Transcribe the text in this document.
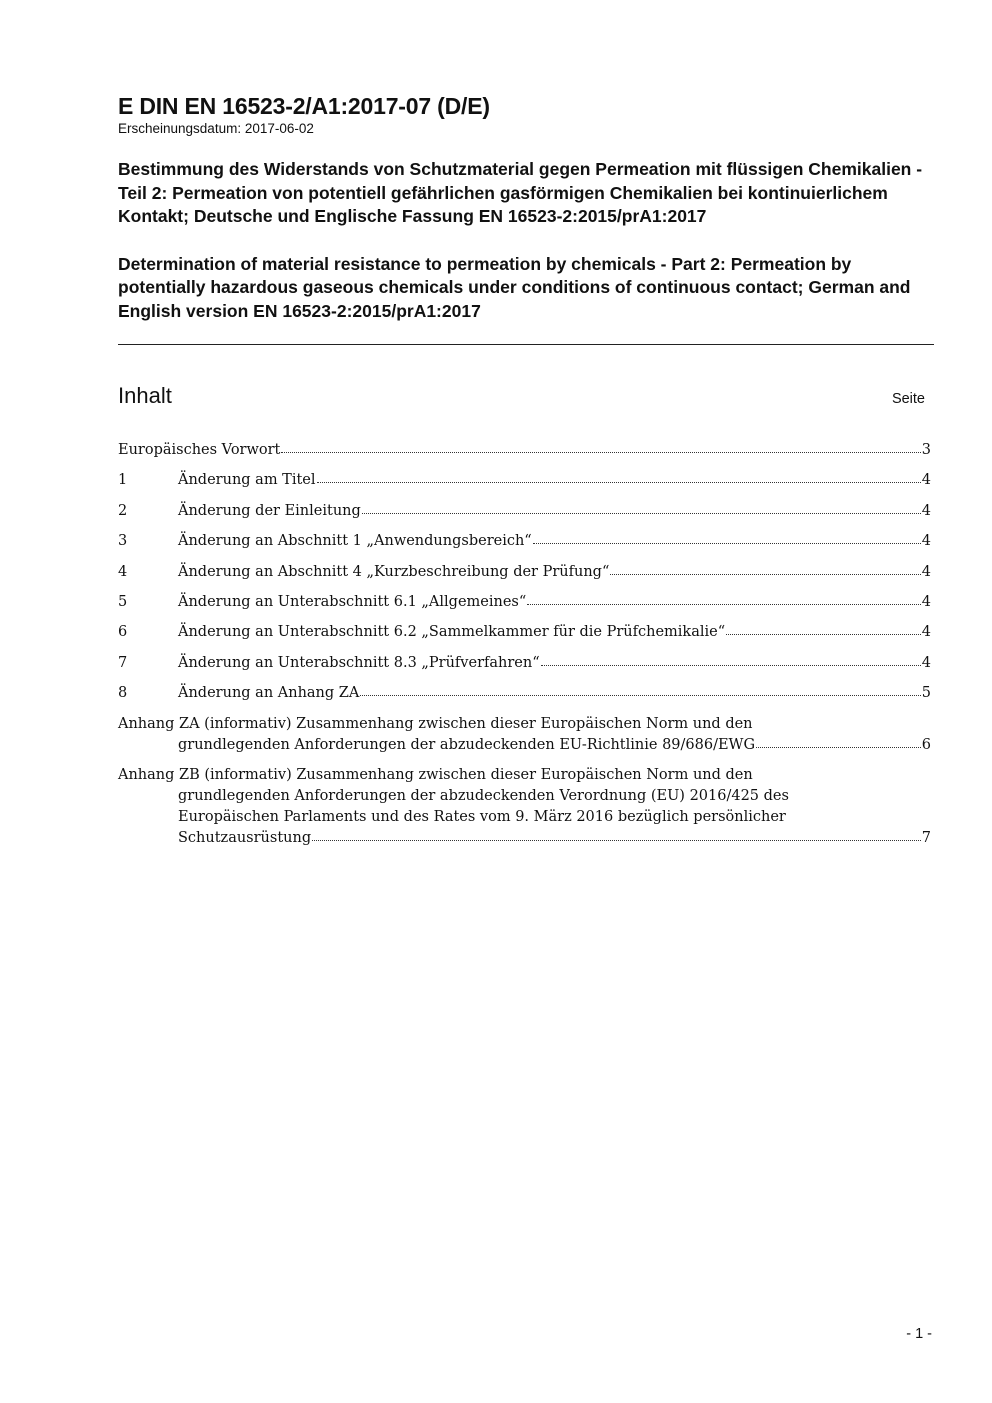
E DIN EN 16523-2/A1:2017-07 (D/E)

Erscheinungsdatum: 2017-06-02

Bestimmung des Widerstands von Schutzmaterial gegen Permeation mit flüssigen Chemikalien - Teil 2: Permeation von potentiell gefährlichen gasförmigen Chemikalien bei kontinuierlichem Kontakt; Deutsche und Englische Fassung EN 16523-2:2015/prA1:2017

Determination of material resistance to permeation by chemicals - Part 2: Permeation by potentially hazardous gaseous chemicals under conditions of continuous contact; German and English version EN 16523-2:2015/prA1:2017

Inhalt	Seite
Europäisches Vorwort	3
1	Änderung am Titel	4
2	Änderung der Einleitung	4
3	Änderung an Abschnitt 1 „Anwendungsbereich“	4
4	Änderung an Abschnitt 4 „Kurzbeschreibung der Prüfung“	4
5	Änderung an Unterabschnitt 6.1 „Allgemeines“	4
6	Änderung an Unterabschnitt 6.2 „Sammelkammer für die Prüfchemikalie“	4
7	Änderung an Unterabschnitt 8.3 „Prüfverfahren“	4
8	Änderung an Anhang ZA	5
Anhang ZA (informativ) Zusammenhang zwischen dieser Europäischen Norm und den
grundlegenden Anforderungen der abzudeckenden EU-Richtlinie 89/686/EWG	6
Anhang ZB (informativ) Zusammenhang zwischen dieser Europäischen Norm und den
grundlegenden Anforderungen der abzudeckenden Verordnung (EU) 2016/425 des
Europäischen Parlaments und des Rates vom 9. März 2016 bezüglich persönlicher
Schutzausrüstung	7
- 1 -
